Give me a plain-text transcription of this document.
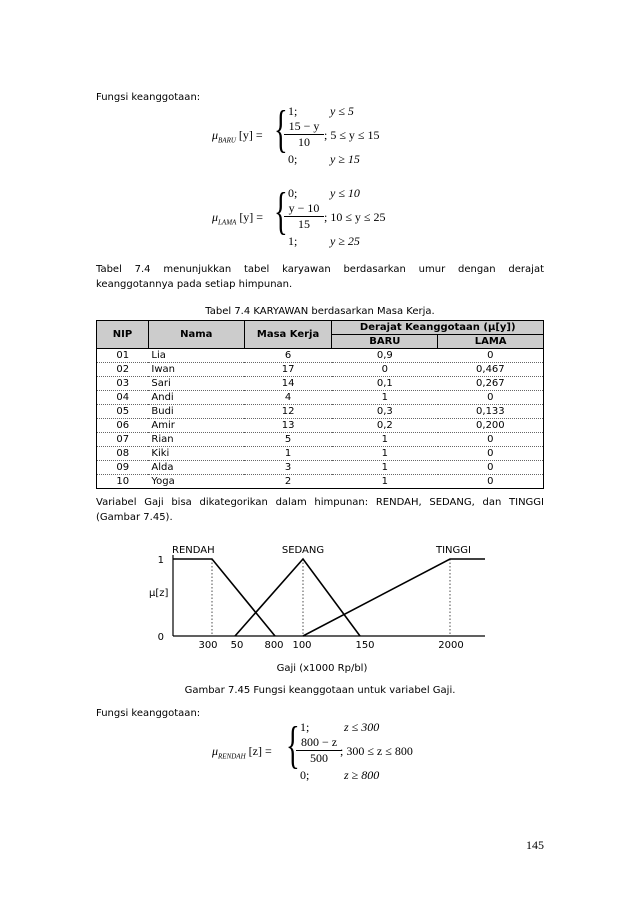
Fungsi keanggotaan:
$\mu_{BARU}$ [y] = { 1;	y ≤ 5
$\frac{15 - y}{10}$ ; 5 ≤ y ≤ 15
0;	y ≥ 15
$\mu_{LAMA}$ [y] = { 0;	y ≤ 10
$\frac{y - 10}{15}$ ; 10 ≤ y ≤ 25
1;	y ≥ 25
Tabel 7.4 menunjukkan tabel karyawan berdasarkan umur dengan derajat keanggotannya pada setiap himpunan.
Tabel 7.4 KARYAWAN berdasarkan Masa Kerja.
NIP	Nama	Masa Kerja	Derajat Keanggotaan (μ[y])	
			BARU	LAMA
01	Lia	6	0,9	0
02	Iwan	17	0	0,467
03	Sari	14	0,1	0,267
04	Andi	4	1	0
05	Budi	12	0,3	0,133
06	Amir	13	0,2	0,200
07	Rian	5	1	0
08	Kiki	1	1	0
09	Alda	3	1	0
10	Yoga	2	1	0
Variabel Gaji bisa dikategorikan dalam himpunan: RENDAH, SEDANG, dan TINGGI (Gambar 7.45).
RENDAH	SEDANG	TINGGI
300 50 800 100	150	2000
0
1
μ[z]
Gaji (x1000 Rp/bl)
Gambar 7.45 Fungsi keanggotaan untuk variabel Gaji.
Fungsi keanggotaan:
$\mu_{RENDAH}$ [z] = { 1;	z ≤ 300
$\frac{800 - z}{500}$
; 300 ≤ z ≤ 800
0;	z ≥ 800
145
